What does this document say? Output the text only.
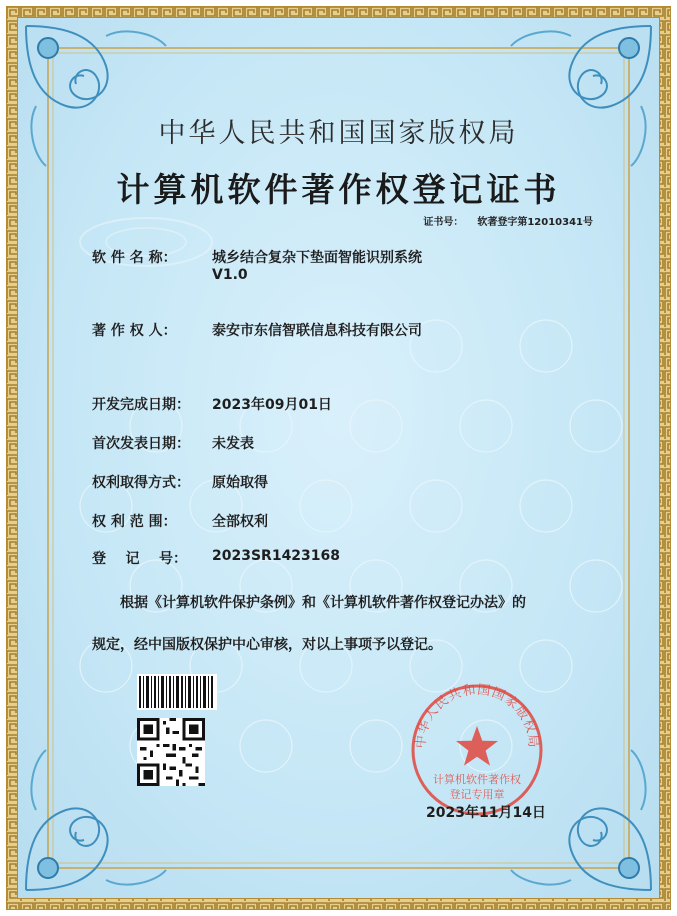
中华人民共和国国家版权局
计算机软件著作权登记证书
证书号： 软著登字第12010341号
软 件 名 称：	城乡结合复杂下垫面智能识别系统
V1.0
著 作 权 人：	泰安市东信智联信息科技有限公司
开发完成日期： 2023年09月01日
首次发表日期： 未发表
权利取得方式： 原始取得
权 利 范 围：	全部权利
登    记    号： 2023SR1423168
根据《计算机软件保护条例》和《计算机软件著作权登记办法》的
规定，经中国版权保护中心审核，对以上事项予以登记。
中华人民共和国国家版权局
计算机软件著作权
登记专用章
2023年11月14日
